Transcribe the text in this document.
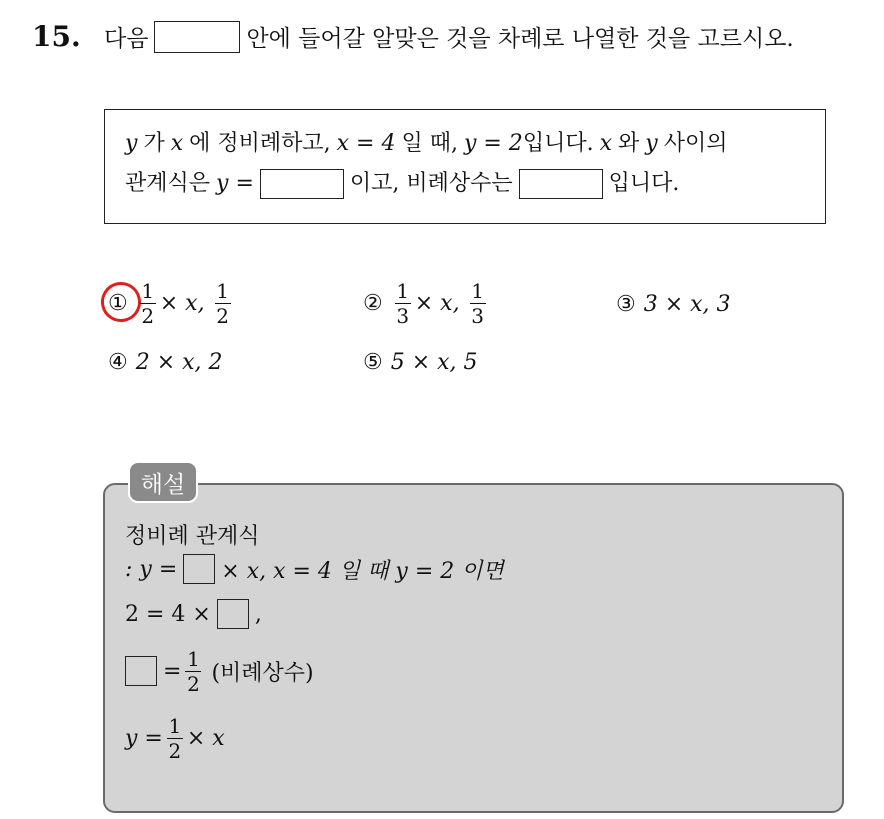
15. 다음	안에 들어갈 알맞은 것을 차례로 나열한 것을 고르시오.
y 가 x 에 정비례하고, x = 4 일 때, y = 2 입니다. x 와 y 사이의
관계식은 y =	이고, 비례상수는	입니다.
① $\frac{1}{2} \times x$, $\frac{1}{2}$	② $\frac{1}{3} \times x$, $\frac{1}{3}$	③ 3 × x, 3
④ 2 × x, 2	⑤ 5 × x, 5
해설
정비례 관계식
: y = × x, x = 4 일 때 y = 2 이면
2 = 4 × ,
= $\frac{1}{2}$ (비례상수)
$y = \frac{1}{2} \times x$
